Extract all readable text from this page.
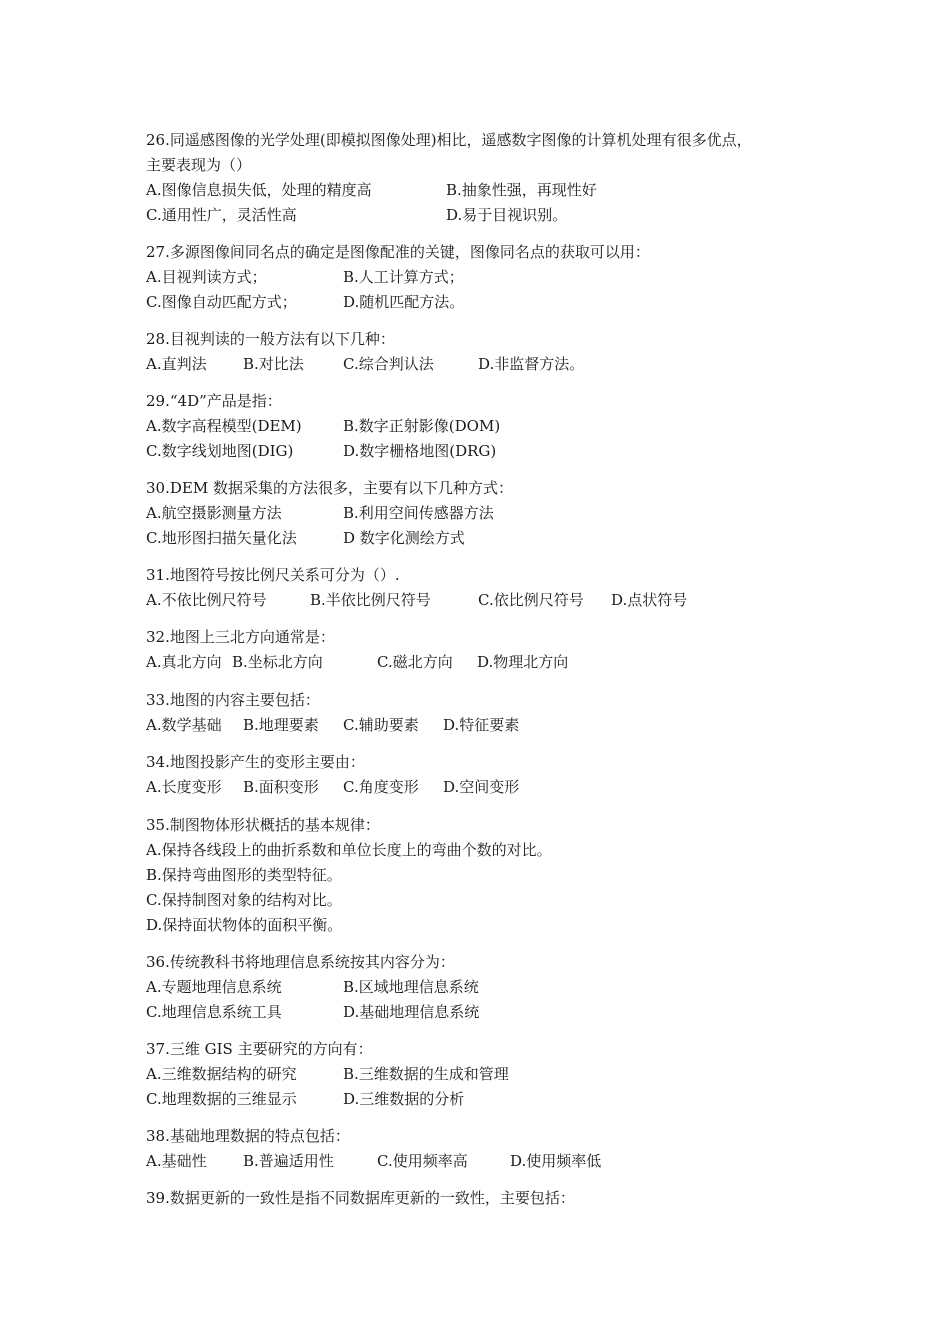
26.同遥感图像的光学处理(即模拟图像处理)相比，遥感数字图像的计算机处理有很多优点，
主要表现为（）
A.图像信息损失低，处理的精度高	B.抽象性强，再现性好
C.通用性广，灵活性高	D.易于目视识别。
27.多源图像间同名点的确定是图像配准的关键，图像同名点的获取可以用：
A.目视判读方式；	B.人工计算方式；
C.图像自动匹配方式；	D.随机匹配方法。
28.目视判读的一般方法有以下几种：
A.直判法 B.对比法	C.综合判认法	D.非监督方法。
29.“4D”产品是指：
A.数字高程模型(DEM)	B.数字正射影像(DOM)
C.数字线划地图(DIG)	D.数字栅格地图(DRG)
30.DEM 数据采集的方法很多，主要有以下几种方式：
A.航空摄影测量方法	B.利用空间传感器方法
C.地形图扫描矢量化法	D 数字化测绘方式
31.地图符号按比例尺关系可分为（）.
A.不依比例尺符号	B.半依比例尺符号	C.依比例尺符号 D.点状符号
32.地图上三北方向通常是：
A.真北方向 B.坐标北方向	C.磁北方向 D.物理北方向
33.地图的内容主要包括：
A.数学基础 B.地理要素 C.辅助要素 D.特征要素
34.地图投影产生的变形主要由：
A.长度变形 B.面积变形 C.角度变形 D.空间变形
35.制图物体形状概括的基本规律：
A.保持各线段上的曲折系数和单位长度上的弯曲个数的对比。
B.保持弯曲图形的类型特征。
C.保持制图对象的结构对比。
D.保持面状物体的面积平衡。
36.传统教科书将地理信息系统按其内容分为：
A.专题地理信息系统	B.区域地理信息系统
C.地理信息系统工具	D.基础地理信息系统
37.三维 GIS 主要研究的方向有：
A.三维数据结构的研究	B.三维数据的生成和管理
C.地理数据的三维显示	D.三维数据的分析
38.基础地理数据的特点包括：
A.基础性 B.普遍适用性	C.使用频率高	D.使用频率低
39.数据更新的一致性是指不同数据库更新的一致性，主要包括：
